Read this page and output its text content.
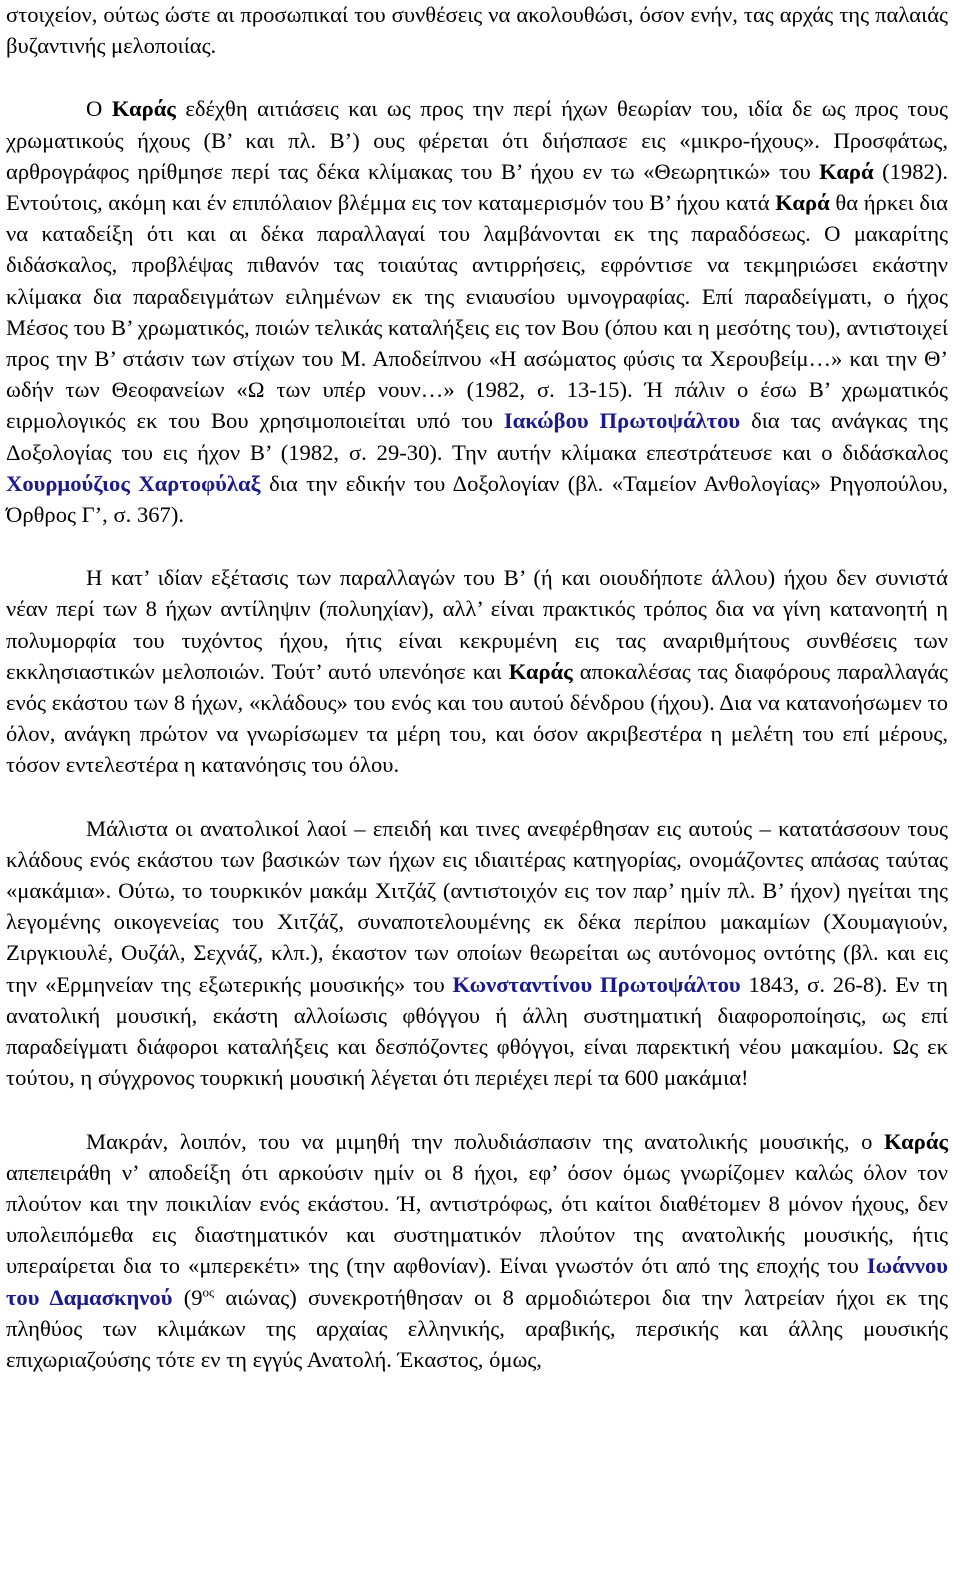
στοιχείον, ούτως ώστε αι προσωπικαί του συνθέσεις να ακολουθώσι, όσον ενήν, τας αρχάς της παλαιάς βυζαντινής μελοποιίας.

Ο Καράς εδέχθη αιτιάσεις και ως προς την περί ήχων θεωρίαν του, ιδία δε ως προς τους χρωματικούς ήχους (Β’ και πλ. Β’) ους φέρεται ότι διήσπασε εις «μικρο-ήχους». Προσφάτως, αρθρογράφος ηρίθμησε περί τας δέκα κλίμακας του Β’ ήχου εν τω «Θεωρητικώ» του Καρά (1982). Εντούτοις, ακόμη και έν επιπόλαιον βλέμμα εις τον καταμερισμόν του Β’ ήχου κατά Καρά θα ήρκει δια να καταδείξη ότι και αι δέκα παραλλαγαί του λαμβάνονται εκ της παραδόσεως. Ο μακαρίτης διδάσκαλος, προβλέψας πιθανόν τας τοιαύτας αντιρρήσεις, εφρόντισε να τεκμηριώσει εκάστην κλίμακα δια παραδειγμάτων ειλημένων εκ της ενιαυσίου υμνογραφίας. Επί παραδείγματι, ο ήχος Μέσος του Β’ χρωματικός, ποιών τελικάς καταλήξεις εις τον Βου (όπου και η μεσότης του), αντιστοιχεί προς την Β’ στάσιν των στίχων του Μ. Αποδείπνου «Η ασώματος φύσις τα Χερουβείμ…» και την Θ’ ωδήν των Θεοφανείων «Ω των υπέρ νουν…» (1982, σ. 13-15). Ή πάλιν ο έσω Β’ χρωματικός ειρμολογικός εκ του Βου χρησιμοποιείται υπό του Ιακώβου Πρωτοψάλτου δια τας ανάγκας της Δοξολογίας του εις ήχον Β’ (1982, σ. 29-30). Την αυτήν κλίμακα επεστράτευσε και ο διδάσκαλος Χουρμούζιος Χαρτοφύλαξ δια την εδικήν του Δοξολογίαν (βλ. «Ταμείον Ανθολογίας» Ρηγοπούλου, Όρθρος Γ’, σ. 367).

Η κατ’ ιδίαν εξέτασις των παραλλαγών του Β’ (ή και οιουδήποτε άλλου) ήχου δεν συνιστά νέαν περί των 8 ήχων αντίληψιν (πολυηχίαν), αλλ’ είναι πρακτικός τρόπος δια να γίνη κατανοητή η πολυμορφία του τυχόντος ήχου, ήτις είναι κεκρυμένη εις τας αναριθμήτους συνθέσεις των εκκλησιαστικών μελοποιών. Τούτ’ αυτό υπενόησε και Καράς αποκαλέσας τας διαφόρους παραλλαγάς ενός εκάστου των 8 ήχων, «κλάδους» του ενός και του αυτού δένδρου (ήχου). Δια να κατανοήσωμεν το όλον, ανάγκη πρώτον να γνωρίσωμεν τα μέρη του, και όσον ακριβεστέρα η μελέτη του επί μέρους, τόσον εντελεστέρα η κατανόησις του όλου.

Μάλιστα οι ανατολικοί λαοί – επειδή και τινες ανεφέρθησαν εις αυτούς – κατατάσσουν τους κλάδους ενός εκάστου των βασικών των ήχων εις ιδιαιτέρας κατηγορίας, ονομάζοντες απάσας ταύτας «μακάμια». Ούτω, το τουρκικόν μακάμ Χιτζάζ (αντιστοιχόν εις τον παρ’ ημίν πλ. Β’ ήχον) ηγείται της λεγομένης οικογενείας του Χιτζάζ, συναποτελουμένης εκ δέκα περίπου μακαμίων (Χουμαγιούν, Ζιργκιουλέ, Ουζάλ, Σεχνάζ, κλπ.), έκαστον των οποίων θεωρείται ως αυτόνομος οντότης (βλ. και εις την «Ερμηνείαν της εξωτερικής μουσικής» του Κωνσταντίνου Πρωτοψάλτου 1843, σ. 26-8). Εν τη ανατολική μουσική, εκάστη αλλοίωσις φθόγγου ή άλλη συστηματική διαφοροποίησις, ως επί παραδείγματι διάφοροι καταλήξεις και δεσπόζοντες φθόγγοι, είναι παρεκτική νέου μακαμίου. Ως εκ τούτου, η σύγχρονος τουρκική μουσική λέγεται ότι περιέχει περί τα 600 μακάμια!

Μακράν, λοιπόν, του να μιμηθή την πολυδιάσπασιν της ανατολικής μουσικής, ο Καράς απεπειράθη ν’ αποδείξη ότι αρκούσιν ημίν οι 8 ήχοι, εφ’ όσον όμως γνωρίζομεν καλώς όλον τον πλούτον και την ποικιλίαν ενός εκάστου. Ή, αντιστρόφως, ότι καίτοι διαθέτομεν 8 μόνον ήχους, δεν υπολειπόμεθα εις διαστηματικόν και συστηματικόν πλούτον της ανατολικής μουσικής, ήτις υπεραίρεται δια το «μπερεκέτι» της (την αφθονίαν). Είναι γνωστόν ότι από της εποχής του Ιωάννου του Δαμασκηνού ($9^{o\varsigma}$ αιώνας) συνεκροτήθησαν οι 8 αρμοδιώτεροι δια την λατρείαν ήχοι εκ της πληθύος των κλιμάκων της αρχαίας ελληνικής, αραβικής, περσικής και άλλης μουσικής επιχωριαζούσης τότε εν τη εγγύς Ανατολή. Έκαστος, όμως,
